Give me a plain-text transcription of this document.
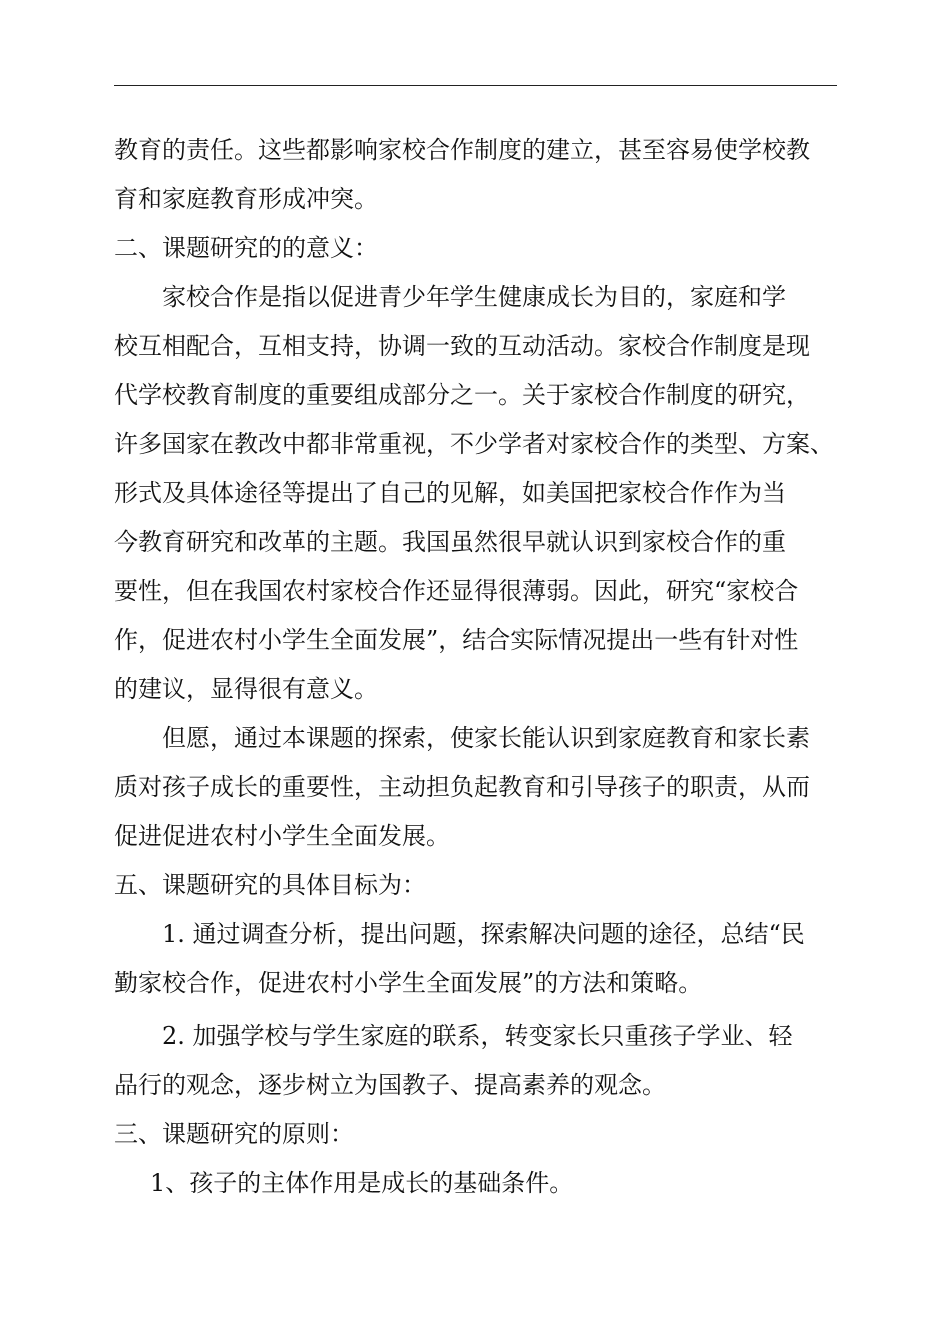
教育的责任。这些都影响家校合作制度的建立，甚至容易使学校教
育和家庭教育形成冲突。
二、课题研究的的意义：
家校合作是指以促进青少年学生健康成长为目的，家庭和学
校互相配合，互相支持，协调一致的互动活动。家校合作制度是现
代学校教育制度的重要组成部分之一。关于家校合作制度的研究，
许多国家在教改中都非常重视，不少学者对家校合作的类型、方案、
形式及具体途径等提出了自己的见解，如美国把家校合作作为当
今教育研究和改革的主题。我国虽然很早就认识到家校合作的重
要性，但在我国农村家校合作还显得很薄弱。因此，研究“家校合
作，促进农村小学生全面发展”，结合实际情况提出一些有针对性
的建议，显得很有意义。
但愿，通过本课题的探索，使家长能认识到家庭教育和家长素
质对孩子成长的重要性，主动担负起教育和引导孩子的职责，从而
促进促进农村小学生全面发展。
五、课题研究的具体目标为：
1. 通过调查分析，提出问题，探索解决问题的途径，总结“民
勤家校合作，促进农村小学生全面发展”的方法和策略。
2. 加强学校与学生家庭的联系，转变家长只重孩子学业、轻
品行的观念，逐步树立为国教子、提高素养的观念。
三、课题研究的原则：
1、孩子的主体作用是成长的基础条件。
